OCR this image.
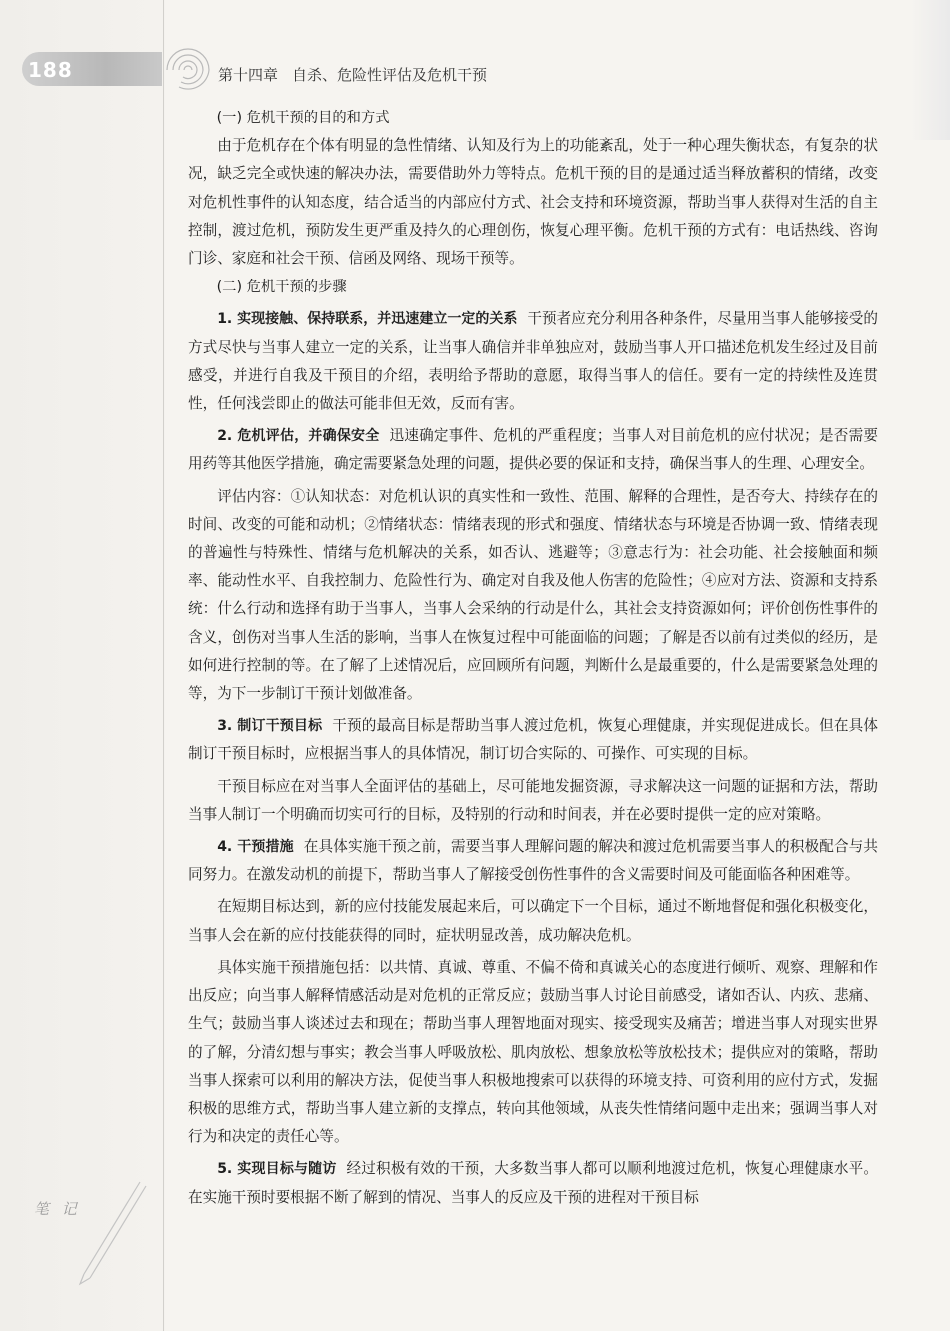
188	第十四章 自杀、危险性评估及危机干预

(一) 危机干预的目的和方式

由于危机存在个体有明显的急性情绪、认知及行为上的功能紊乱，处于一种心理失衡状态，有复杂的状况，缺乏完全或快速的解决办法，需要借助外力等特点。危机干预的目的是通过适当释放蓄积的情绪，改变对危机性事件的认知态度，结合适当的内部应付方式、社会支持和环境资源，帮助当事人获得对生活的自主控制，渡过危机，预防发生更严重及持久的心理创伤，恢复心理平衡。危机干预的方式有：电话热线、咨询门诊、家庭和社会干预、信函及网络、现场干预等。

(二) 危机干预的步骤

1. 实现接触、保持联系，并迅速建立一定的关系 干预者应充分利用各种条件，尽量用当事人能够接受的方式尽快与当事人建立一定的关系，让当事人确信并非单独应对，鼓励当事人开口描述危机发生经过及目前感受，并进行自我及干预目的介绍，表明给予帮助的意愿，取得当事人的信任。要有一定的持续性及连贯性，任何浅尝即止的做法可能非但无效，反而有害。

2. 危机评估，并确保安全 迅速确定事件、危机的严重程度；当事人对目前危机的应付状况；是否需要用药等其他医学措施，确定需要紧急处理的问题，提供必要的保证和支持，确保当事人的生理、心理安全。

评估内容：①认知状态：对危机认识的真实性和一致性、范围、解释的合理性，是否夸大、持续存在的时间、改变的可能和动机；②情绪状态：情绪表现的形式和强度、情绪状态与环境是否协调一致、情绪表现的普遍性与特殊性、情绪与危机解决的关系，如否认、逃避等；③意志行为：社会功能、社会接触面和频率、能动性水平、自我控制力、危险性行为、确定对自我及他人伤害的危险性；④应对方法、资源和支持系统：什么行动和选择有助于当事人，当事人会采纳的行动是什么，其社会支持资源如何；评价创伤性事件的含义，创伤对当事人生活的影响，当事人在恢复过程中可能面临的问题；了解是否以前有过类似的经历，是如何进行控制的等。在了解了上述情况后，应回顾所有问题，判断什么是最重要的，什么是需要紧急处理的等，为下一步制订干预计划做准备。

3. 制订干预目标 干预的最高目标是帮助当事人渡过危机，恢复心理健康，并实现促进成长。但在具体制订干预目标时，应根据当事人的具体情况，制订切合实际的、可操作、可实现的目标。

干预目标应在对当事人全面评估的基础上，尽可能地发掘资源，寻求解决这一问题的证据和方法，帮助当事人制订一个明确而切实可行的目标，及特别的行动和时间表，并在必要时提供一定的应对策略。

4. 干预措施 在具体实施干预之前，需要当事人理解问题的解决和渡过危机需要当事人的积极配合与共同努力。在激发动机的前提下，帮助当事人了解接受创伤性事件的含义需要时间及可能面临各种困难等。

在短期目标达到，新的应付技能发展起来后，可以确定下一个目标，通过不断地督促和强化积极变化，当事人会在新的应付技能获得的同时，症状明显改善，成功解决危机。

具体实施干预措施包括：以共情、真诚、尊重、不偏不倚和真诚关心的态度进行倾听、观察、理解和作出反应；向当事人解释情感活动是对危机的正常反应；鼓励当事人讨论目前感受，诸如否认、内疚、悲痛、生气；鼓励当事人谈述过去和现在；帮助当事人理智地面对现实、接受现实及痛苦；增进当事人对现实世界的了解，分清幻想与事实；教会当事人呼吸放松、肌肉放松、想象放松等放松技术；提供应对的策略，帮助当事人探索可以利用的解决方法，促使当事人积极地搜索可以获得的环境支持、可资利用的应付方式，发掘积极的思维方式，帮助当事人建立新的支撑点，转向其他领域，从丧失性情绪问题中走出来；强调当事人对行为和决定的责任心等。

5. 实现目标与随访 经过积极有效的干预，大多数当事人都可以顺利地渡过危机，恢复心理健康水平。在实施干预时要根据不断了解到的情况、当事人的反应及干预的进程对干预目标

笔 记
